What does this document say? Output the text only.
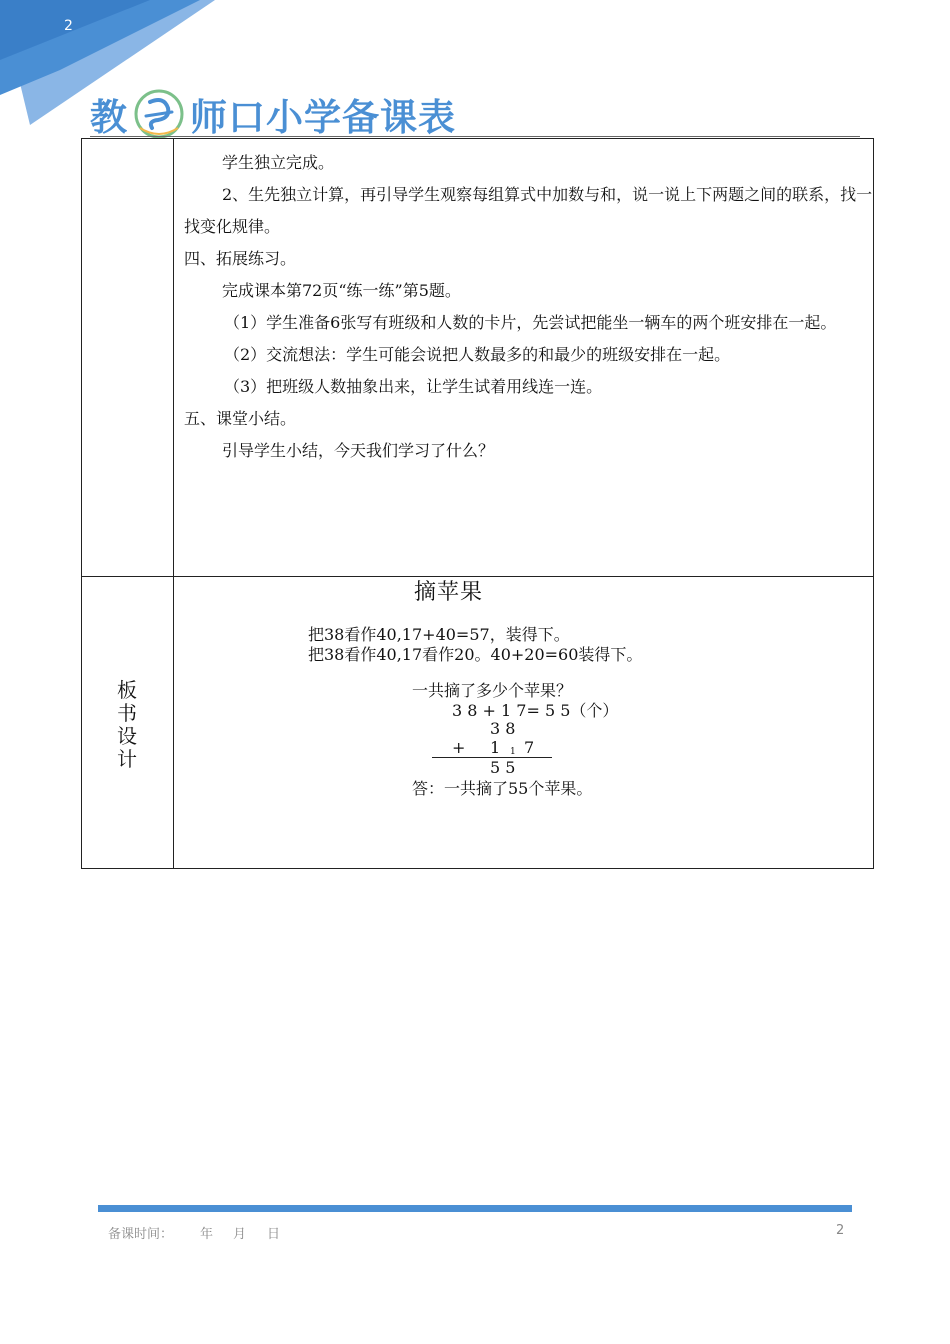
2
教 师口小学备课表

学生独立完成。

2、生先独立计算，再引导学生观察每组算式中加数与和，说一说上下两题之间的联系，找一找变化规律。

四、拓展练习。

完成课本第72页“练一练”第5题。

（1）学生准备6张写有班级和人数的卡片，先尝试把能坐一辆车的两个班安排在一起。

（2）交流想法：学生可能会说把人数最多的和最少的班级安排在一起。

（3）把班级人数抽象出来，让学生试着用线连一连。

五、课堂小结。

引导学生小结，今天我们学习了什么？

板
书
设
计
摘苹果
把38看作40,17+40=57，装得下。
把38看作40,17看作20。40+20=60装得下。
一共摘了多少个苹果？
3 8 + 1 7= 5 5（个）
3 8
+ 1 1 7
5 5
答：一共摘了55个苹果。
备课时间： 年 月 日	2
